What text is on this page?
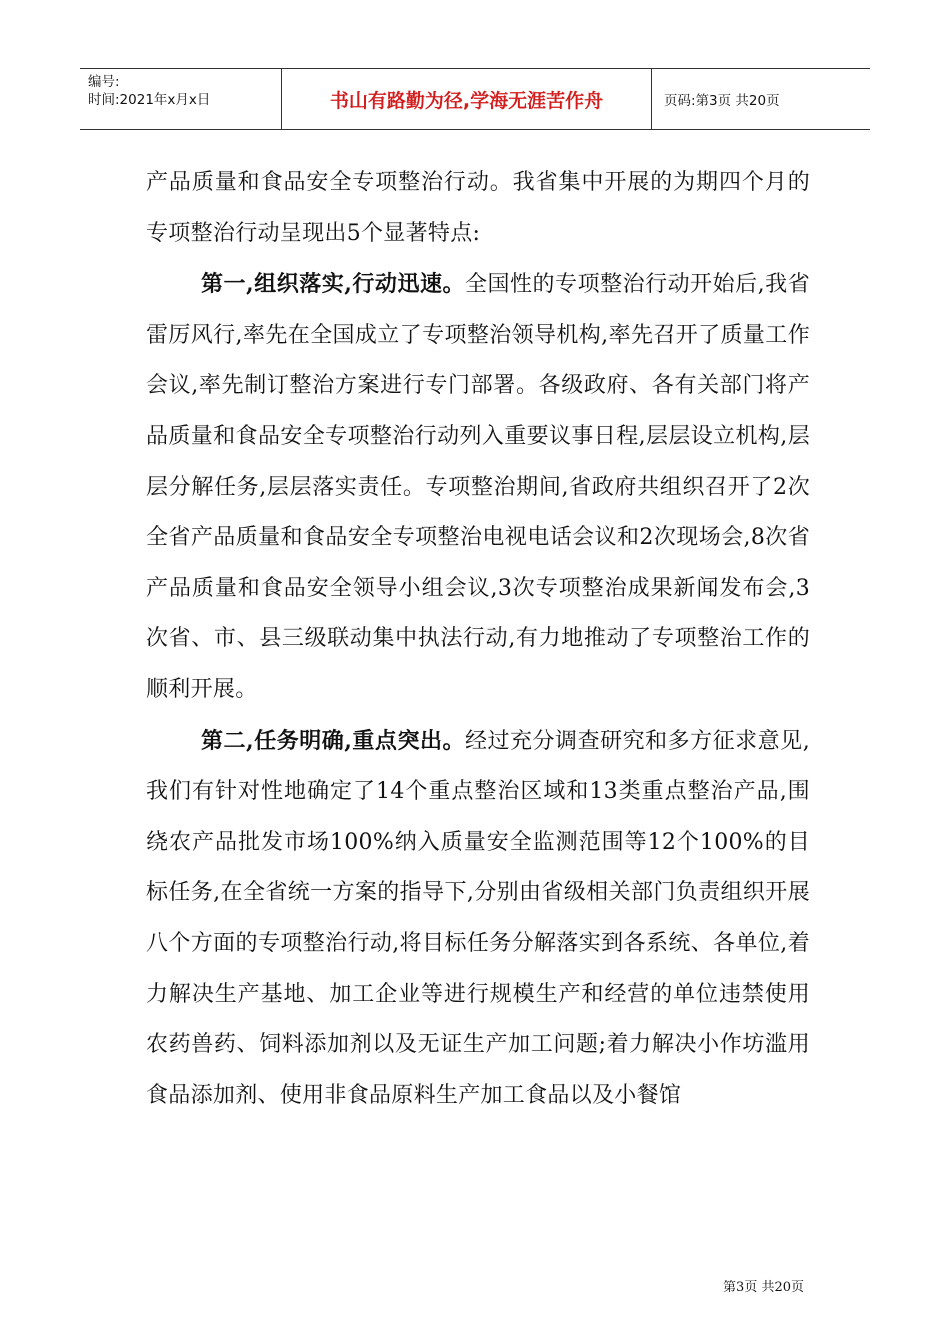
编号:
时间:2021年x月x日	书山有路勤为径,学海无涯苦作舟	页码:第3页 共20页

产品质量和食品安全专项整治行动。我省集中开展的为期四个月的专项整治行动呈现出5个显著特点:

第一,组织落实,行动迅速。全国性的专项整治行动开始后,我省雷厉风行,率先在全国成立了专项整治领导机构,率先召开了质量工作会议,率先制订整治方案进行专门部署。各级政府、各有关部门将产品质量和食品安全专项整治行动列入重要议事日程,层层设立机构,层层分解任务,层层落实责任。专项整治期间,省政府共组织召开了2次全省产品质量和食品安全专项整治电视电话会议和2次现场会,8次省产品质量和食品安全领导小组会议,3次专项整治成果新闻发布会,3次省、市、县三级联动集中执法行动,有力地推动了专项整治工作的顺利开展。

第二,任务明确,重点突出。经过充分调查研究和多方征求意见,我们有针对性地确定了14个重点整治区域和13类重点整治产品,围绕农产品批发市场100%纳入质量安全监测范围等12个100%的目标任务,在全省统一方案的指导下,分别由省级相关部门负责组织开展八个方面的专项整治行动,将目标任务分解落实到各系统、各单位,着力解决生产基地、加工企业等进行规模生产和经营的单位违禁使用农药兽药、饲料添加剂以及无证生产加工问题;着力解决小作坊滥用食品添加剂、使用非食品原料生产加工食品以及小餐馆

第3页 共20页
